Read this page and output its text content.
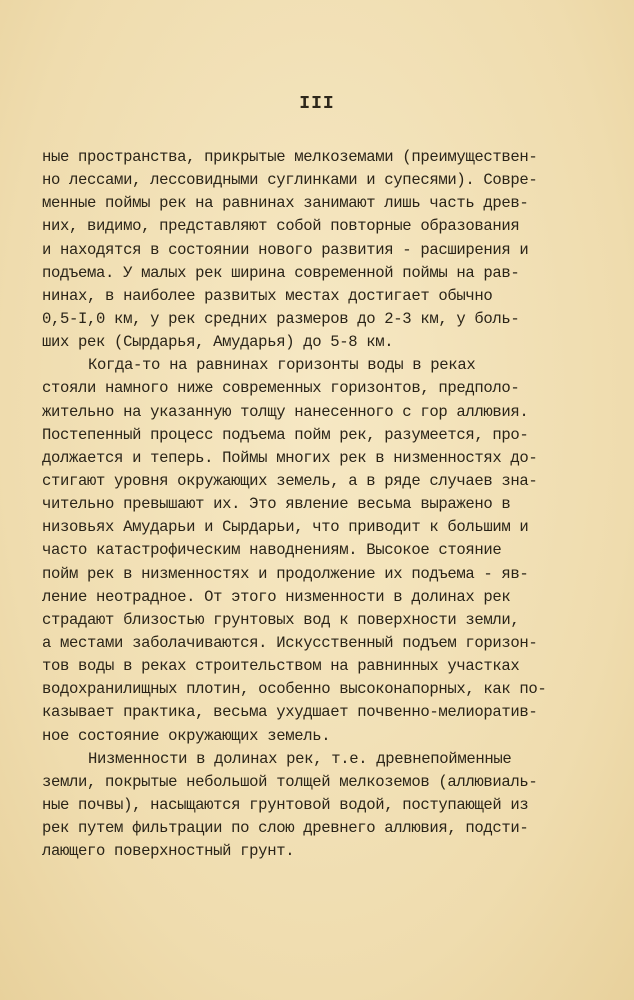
III
ные пространства, прикрытые мелкоземами (преимуществен-
но лессами, лессовидными суглинками и супесями). Совре-
менные поймы рек на равнинах занимают лишь часть древ-
них, видимо, представляют собой повторные образования
и находятся в состоянии нового развития - расширения и
подъема. У малых рек ширина современной поймы на рав-
нинах, в наиболее развитых местах достигает обычно
0,5-I,0 км, у рек средних размеров до 2-3 км, у боль-
ших рек (Сырдарья, Амударья) до 5-8 км.
Когда-то на равнинах горизонты воды в реках
стояли намного ниже современных горизонтов, предполо-
жительно на указанную толщу нанесенного с гор аллювия.
Постепенный процесс подъема пойм рек, разумеется, про-
должается и теперь. Поймы многих рек в низменностях до-
стигают уровня окружающих земель, а в ряде случаев зна-
чительно превышают их. Это явление весьма выражено в
низовьях Амударьи и Сырдарьи, что приводит к большим и
часто катастрофическим наводнениям. Высокое стояние
пойм рек в низменностях и продолжение их подъема - яв-
ление неотрадное. От этого низменности в долинах рек
страдают близостью грунтовых вод к поверхности земли,
а местами заболачиваются. Искусственный подъем горизон-
тов воды в реках строительством на равнинных участках
водохранилищных плотин, особенно высоконапорных, как по-
казывает практика, весьма ухудшает почвенно-мелиоратив-
ное состояние окружающих земель.
Низменности в долинах рек, т.е. древнепойменные
земли, покрытые небольшой толщей мелкоземов (аллювиаль-
ные почвы), насыщаются грунтовой водой, поступающей из
рек путем фильтрации по слою древнего аллювия, подсти-
лающего поверхностный грунт.
